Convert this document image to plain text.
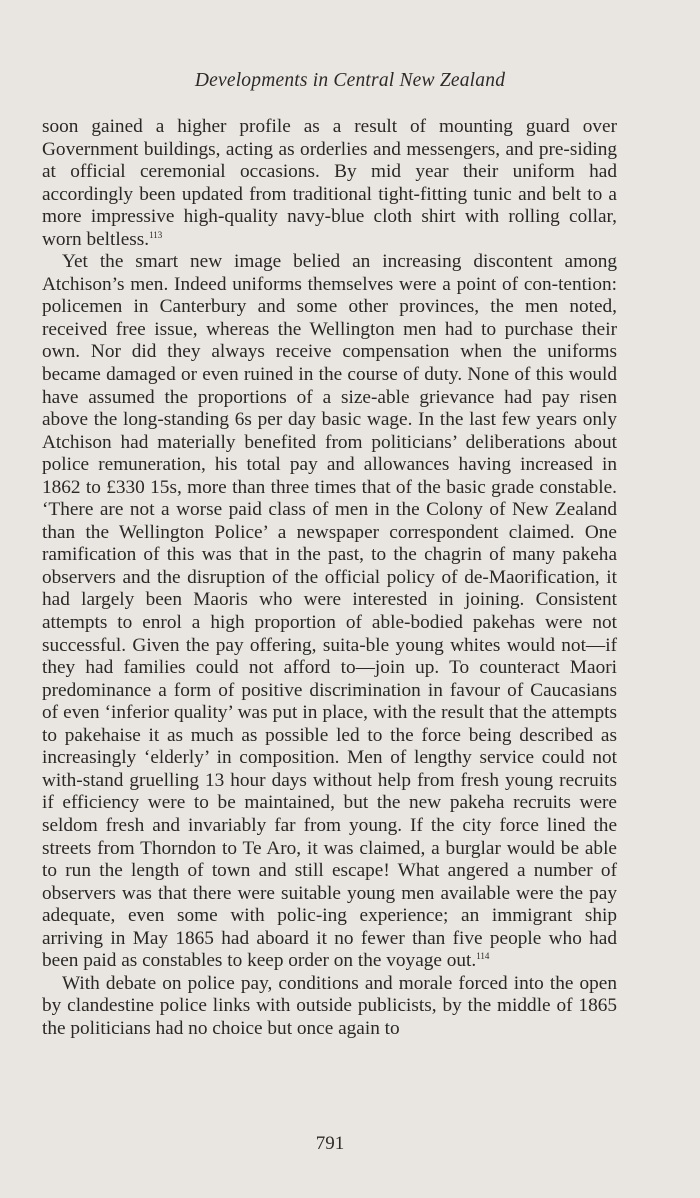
Developments in Central New Zealand

soon gained a higher profile as a result of mounting guard over Government buildings, acting as orderlies and messengers, and pre-siding at official ceremonial occasions. By mid year their uniform had accordingly been updated from traditional tight-fitting tunic and belt to a more impressive high-quality navy-blue cloth shirt with rolling collar, worn beltless.$^{113}$

Yet the smart new image belied an increasing discontent among Atchison’s men. Indeed uniforms themselves were a point of con-tention: policemen in Canterbury and some other provinces, the men noted, received free issue, whereas the Wellington men had to purchase their own. Nor did they always receive compensation when the uniforms became damaged or even ruined in the course of duty. None of this would have assumed the proportions of a size-able grievance had pay risen above the long-standing 6s per day basic wage. In the last few years only Atchison had materially benefited from politicians’ deliberations about police remuneration, his total pay and allowances having increased in 1862 to £330 15s, more than three times that of the basic grade constable. ‘There are not a worse paid class of men in the Colony of New Zealand than the Wellington Police’ a newspaper correspondent claimed. One ramification of this was that in the past, to the chagrin of many pakeha observers and the disruption of the official policy of de-Maorification, it had largely been Maoris who were interested in joining. Consistent attempts to enrol a high proportion of able-bodied pakehas were not successful. Given the pay offering, suita-ble young whites would not—if they had families could not afford to—join up. To counteract Maori predominance a form of positive discrimination in favour of Caucasians of even ‘inferior quality’ was put in place, with the result that the attempts to pakehaise it as much as possible led to the force being described as increasingly ‘elderly’ in composition. Men of lengthy service could not with-stand gruelling 13 hour days without help from fresh young recruits if efficiency were to be maintained, but the new pakeha recruits were seldom fresh and invariably far from young. If the city force lined the streets from Thorndon to Te Aro, it was claimed, a burglar would be able to run the length of town and still escape! What angered a number of observers was that there were suitable young men available were the pay adequate, even some with polic-ing experience; an immigrant ship arriving in May 1865 had aboard it no fewer than five people who had been paid as constables to keep order on the voyage out.$^{114}$

With debate on police pay, conditions and morale forced into the open by clandestine police links with outside publicists, by the middle of 1865 the politicians had no choice but once again to

791
